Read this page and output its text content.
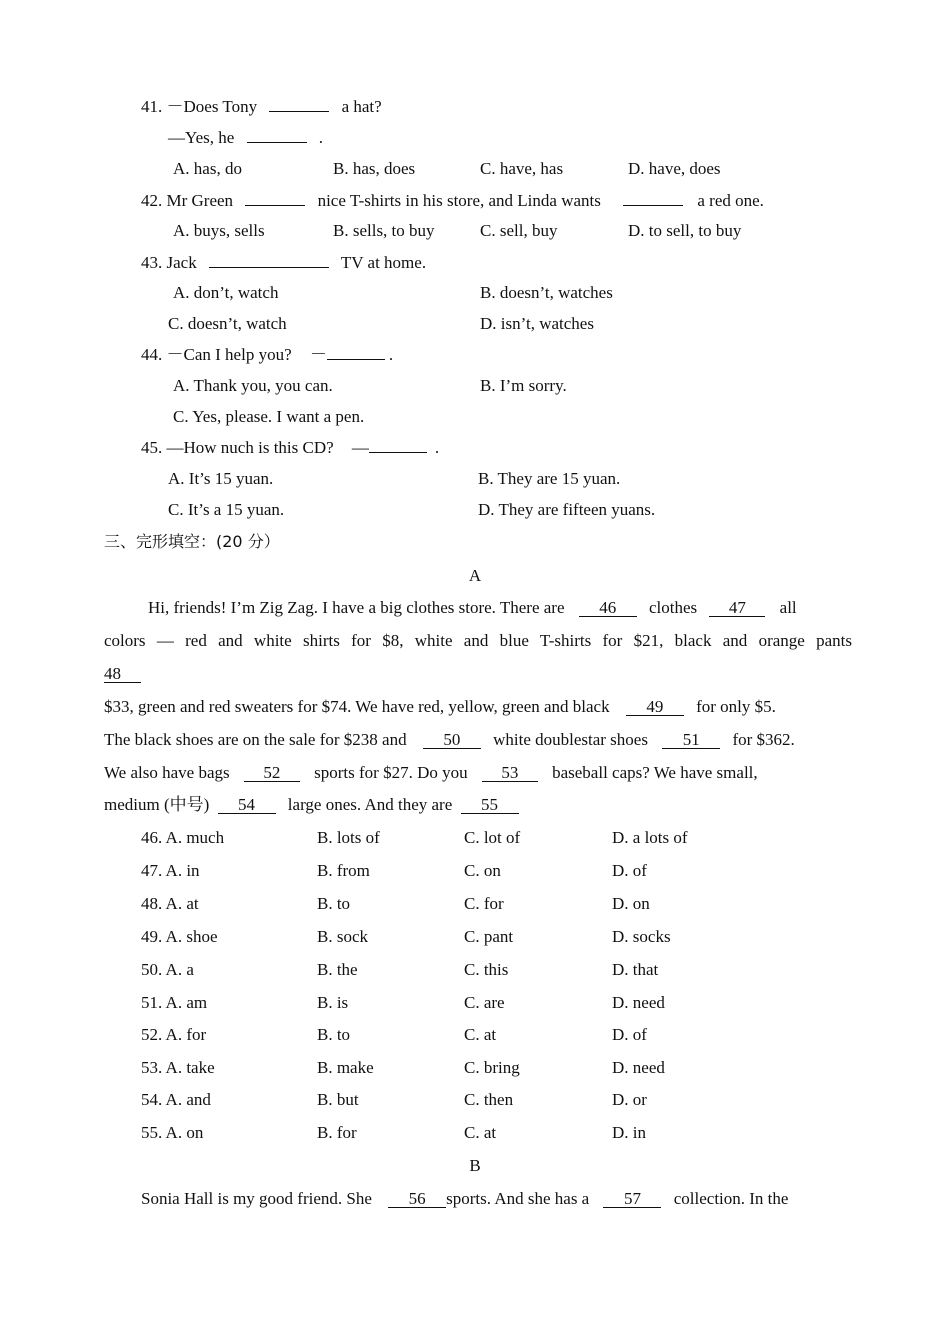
41. －Does Tony	a hat?
—Yes, he	.
A. has, do	B. has, does	C. have, has	D. have, does
42. Mr Green	nice T-shirts in his store, and Linda wants	a red one.
A. buys, sells	B. sells, to buy	C. sell, buy	D. to sell, to buy
43. Jack	TV at home.
A. don’t, watch	B. doesn’t, watches
C. doesn’t, watch	D. isn’t, watches
44. －Can I help you? －	.
A. Thank you, you can.	B. I’m sorry.
C. Yes, please. I want a pen.
45. —How nuch is this CD? —	.
A. It’s 15 yuan.	B. They are 15 yuan.
C. It’s a 15 yuan.	D. They are fifteen yuans.
三、完形填空：(20 分）
A
Hi, friends! I’m Zig Zag. I have a big clothes store. There are 46 clothes 47 all
colors — red and white shirts for $8, white and blue T-shirts for $21, black and orange pants
48
$33, green and red sweaters for $74. We have red, yellow, green and black 49 for only $5.
The black shoes are on the sale for $238 and 50 white doublestar shoes 51 for $362.
We also have bags 52 sports for $27. Do you 53 baseball caps? We have small,
medium (中号) 54 large ones. And they are 55
46. A. much	B. lots of	C. lot of	D. a lots of
47. A. in	B. from	C. on	D. of
48. A. at	B. to	C. for	D. on
49. A. shoe	B. sock	C. pant	D. socks
50. A. a	B. the	C. this	D. that
51. A. am	B. is	C. are	D. need
52. A. for	B. to	C. at	D. of
53. A. take	B. make	C. bring	D. need
54. A. and	B. but	C. then	D. or
55. A. on	B. for	C. at	D. in
B
Sonia Hall is my good friend. She 56 sports. And she has a 57 collection. In the
